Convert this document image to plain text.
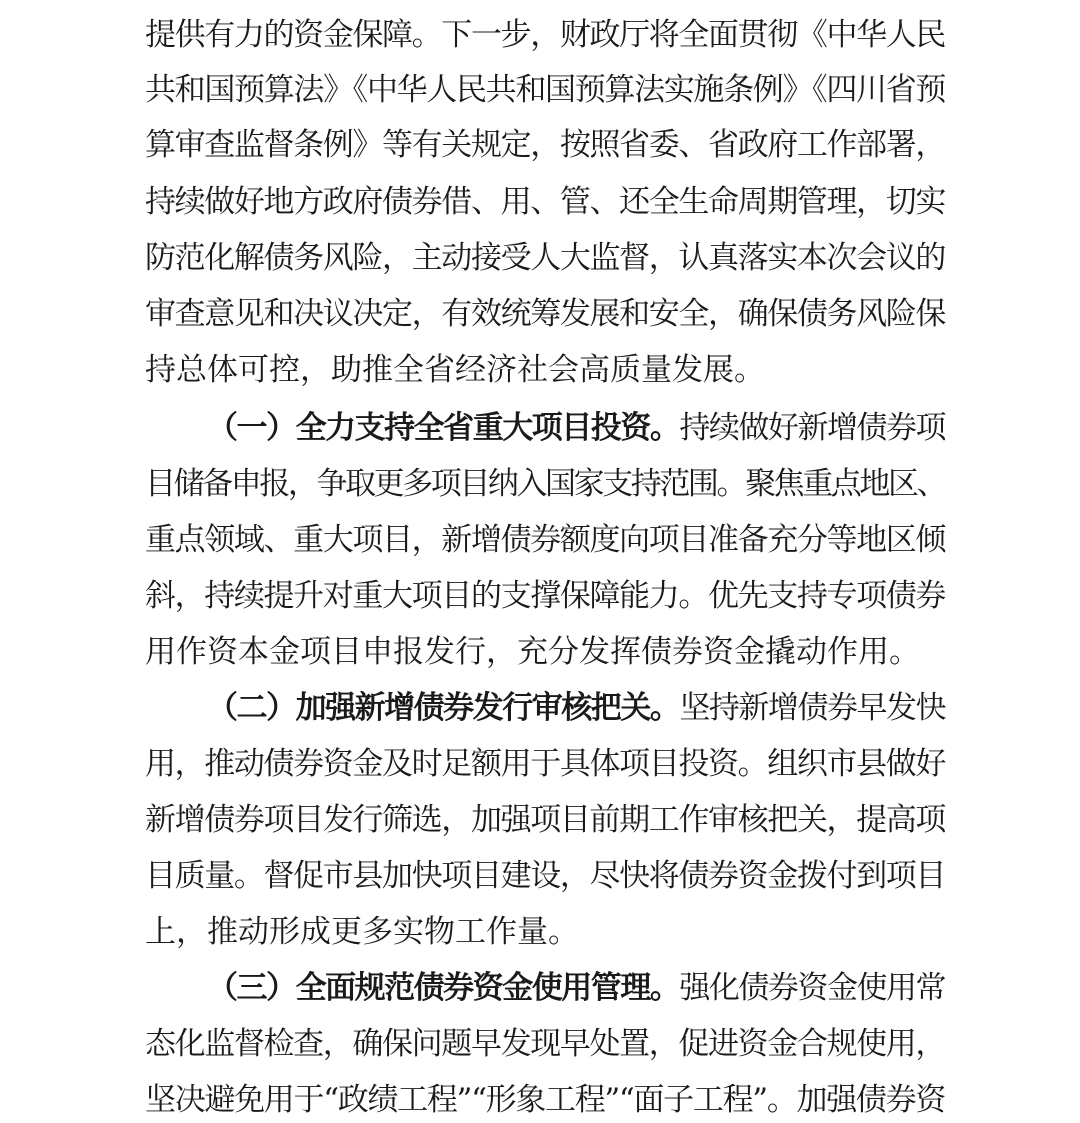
提供有力的资金保障。下一步，财政厅将全面贯彻《中华人民
共和国预算法》《中华人民共和国预算法实施条例》《四川省预
算审查监督条例》等有关规定，按照省委、省政府工作部署，
持续做好地方政府债券借、用、管、还全生命周期管理，切实
防范化解债务风险，主动接受人大监督，认真落实本次会议的
审查意见和决议决定，有效统筹发展和安全，确保债务风险保
持总体可控，助推全省经济社会高质量发展。
（一）全力支持全省重大项目投资。持续做好新增债券项
目储备申报，争取更多项目纳入国家支持范围。聚焦重点地区、
重点领域、重大项目，新增债券额度向项目准备充分等地区倾
斜，持续提升对重大项目的支撑保障能力。优先支持专项债券
用作资本金项目申报发行，充分发挥债券资金撬动作用。
（二）加强新增债券发行审核把关。坚持新增债券早发快
用，推动债券资金及时足额用于具体项目投资。组织市县做好
新增债券项目发行筛选，加强项目前期工作审核把关，提高项
目质量。督促市县加快项目建设，尽快将债券资金拨付到项目
上，推动形成更多实物工作量。
（三）全面规范债券资金使用管理。强化债券资金使用常
态化监督检查，确保问题早发现早处置，促进资金合规使用，
坚决避免用于“政绩工程”“形象工程”“面子工程”。加强债券资
